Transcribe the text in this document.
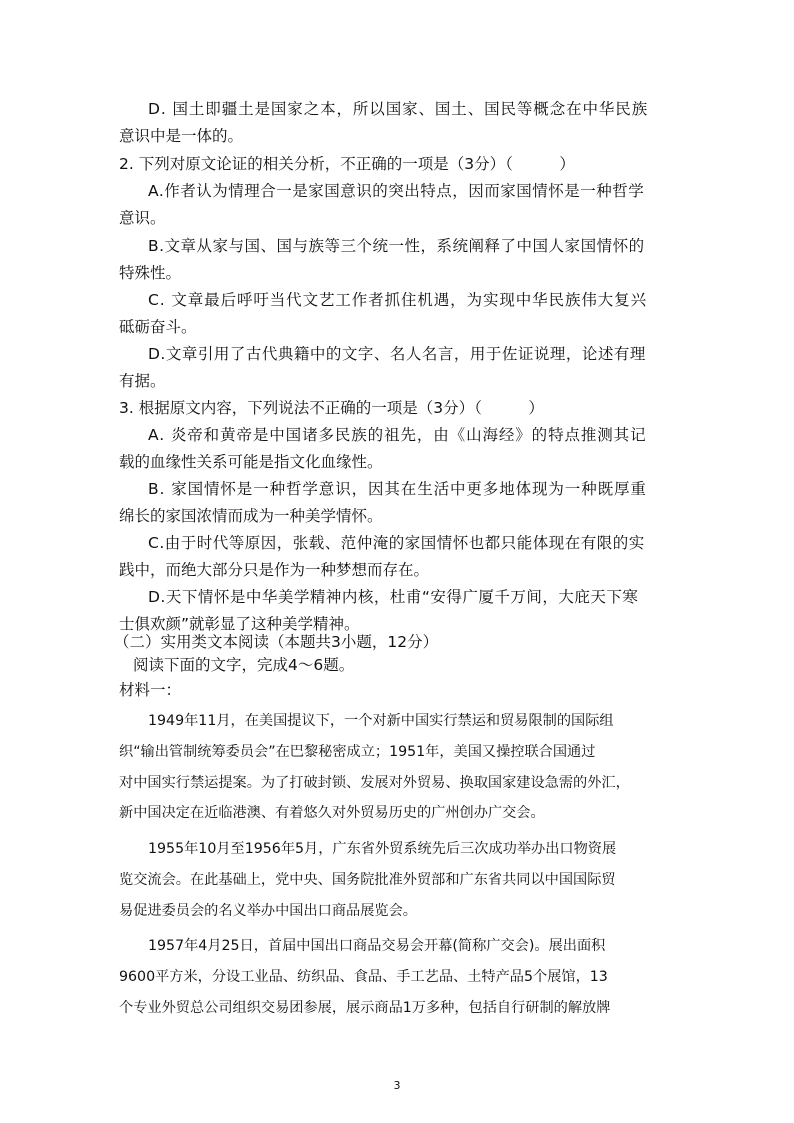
D. 国土即疆土是国家之本，所以国家、国土、国民等概念在中华民族
意识中是一体的。
2. 下列对原文论证的相关分析，不正确的一项是（3分）（　　　）
A.作者认为情理合一是家国意识的突出特点，因而家国情怀是一种哲学
意识。
B.文章从家与国、国与族等三个统一性，系统阐释了中国人家国情怀的
特殊性。
C. 文章最后呼吁当代文艺工作者抓住机遇，为实现中华民族伟大复兴
砥砺奋斗。
D.文章引用了古代典籍中的文字、名人名言，用于佐证说理，论述有理
有据。
3. 根据原文内容，下列说法不正确的一项是（3分）（　　　）
A. 炎帝和黄帝是中国诸多民族的祖先，由《山海经》的特点推测其记
载的血缘性关系可能是指文化血缘性。
B. 家国情怀是一种哲学意识，因其在生活中更多地体现为一种既厚重
绵长的家国浓情而成为一种美学情怀。
C.由于时代等原因，张载、范仲淹的家国情怀也都只能体现在有限的实
践中，而绝大部分只是作为一种梦想而存在。
D.天下情怀是中华美学精神内核，杜甫“安得广厦千万间，大庇天下寒
士俱欢颜”就彰显了这种美学精神。
（二）实用类文本阅读（本题共3小题，12分）
阅读下面的文字，完成4～6题。
材料一：
1949年11月，在美国提议下，一个对新中国实行禁运和贸易限制的国际组
织“输出管制统筹委员会”在巴黎秘密成立；1951年，美国又操控联合国通过
对中国实行禁运提案。为了打破封锁、发展对外贸易、换取国家建设急需的外汇，
新中国决定在近临港澳、有着悠久对外贸易历史的广州创办广交会。
1955年10月至1956年5月，广东省外贸系统先后三次成功举办出口物资展
览交流会。在此基础上，党中央、国务院批准外贸部和广东省共同以中国国际贸
易促进委员会的名义举办中国出口商品展览会。
1957年4月25日，首届中国出口商品交易会开幕(简称广交会)。展出面积
9600平方米，分设工业品、纺织品、食品、手工艺品、土特产品5个展馆，13
个专业外贸总公司组织交易团参展，展示商品1万多种，包括自行研制的解放牌
3
